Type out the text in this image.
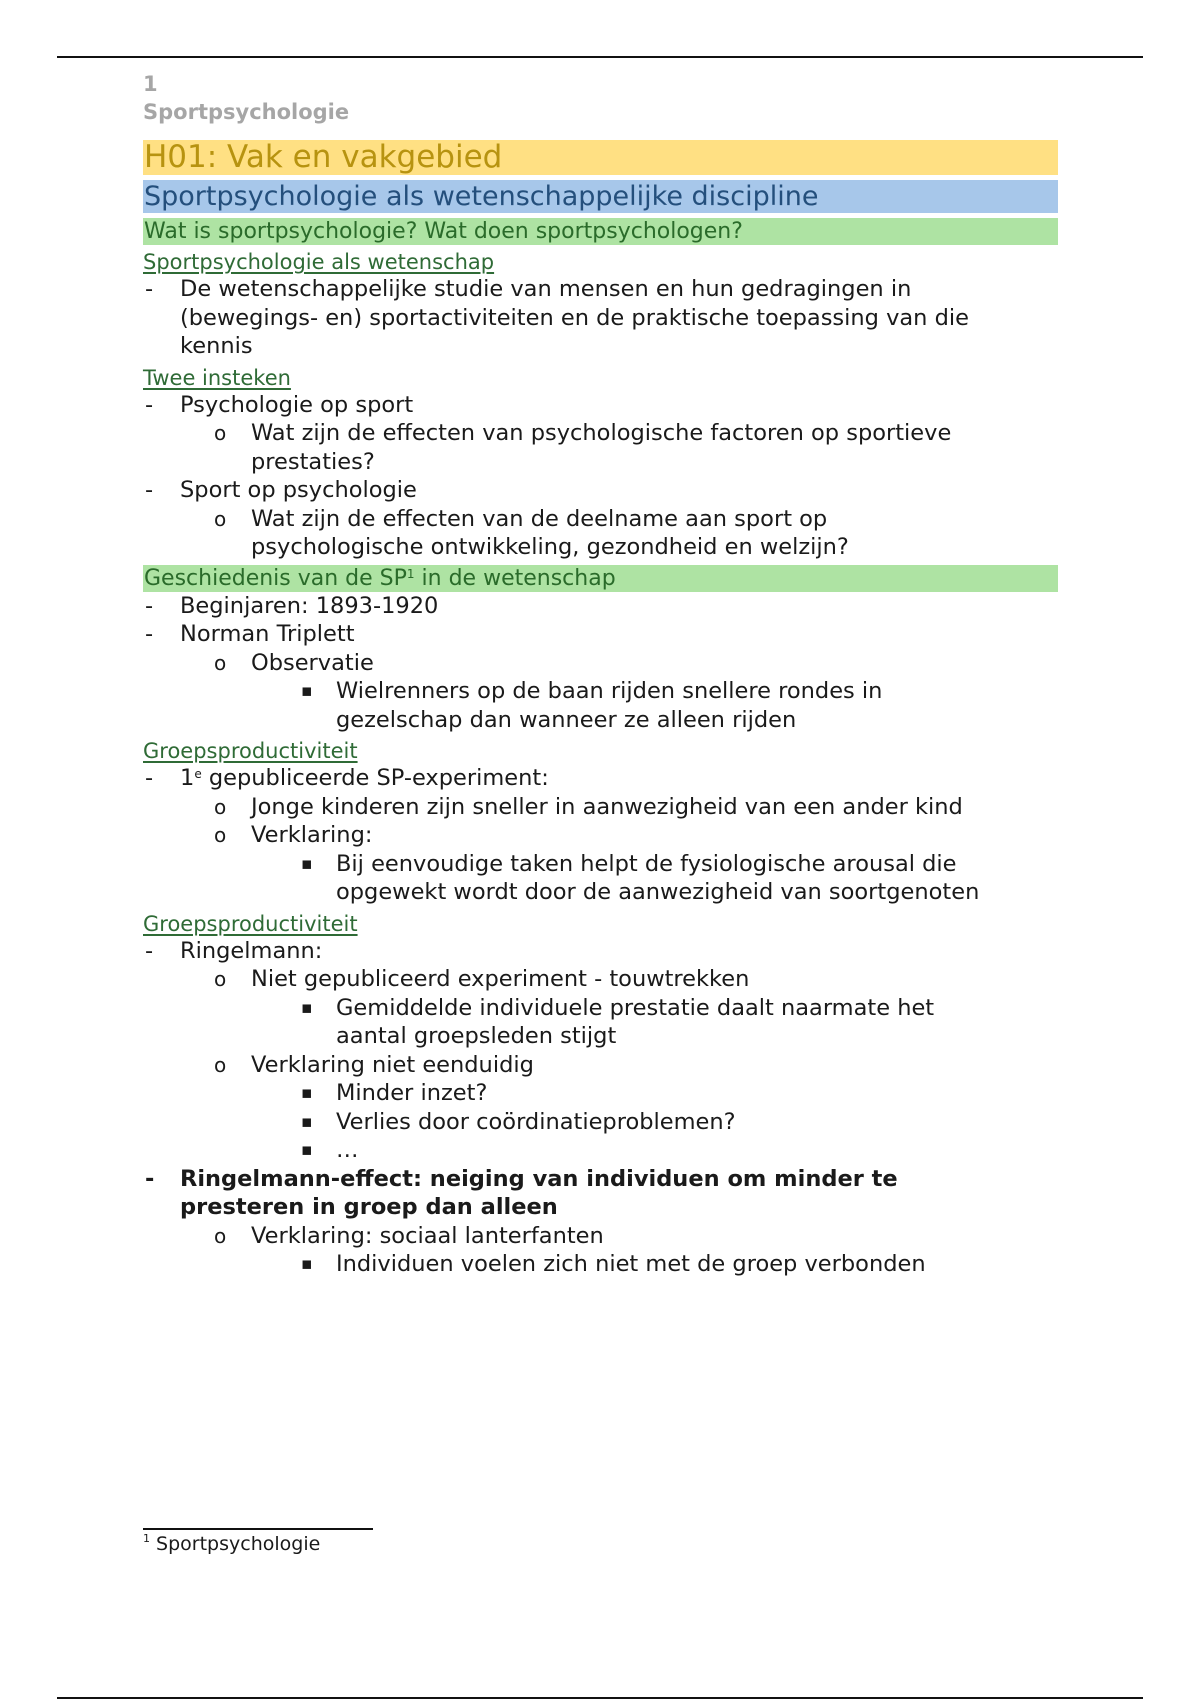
1
Sportpsychologie
H01: Vak en vakgebied
Sportpsychologie als wetenschappelijke discipline
Wat is sportpsychologie? Wat doen sportpsychologen?
Sportpsychologie als wetenschap
- De wetenschappelijke studie van mensen en hun gedragingen in
(bewegings- en) sportactiviteiten en de praktische toepassing van die
kennis
Twee insteken
- Psychologie op sport
o Wat zijn de effecten van psychologische factoren op sportieve
prestaties?
- Sport op psychologie
o Wat zijn de effecten van de deelname aan sport op
psychologische ontwikkeling, gezondheid en welzijn?
Geschiedenis van de $SP^1$ in de wetenschap
- Beginjaren: 1893-1920
- Norman Triplett
o Observatie
▪ Wielrenners op de baan rijden snellere rondes in
gezelschap dan wanneer ze alleen rijden
Groepsproductiviteit
- 1e gepubliceerde SP-experiment:
o Jonge kinderen zijn sneller in aanwezigheid van een ander kind
o Verklaring:
▪ Bij eenvoudige taken helpt de fysiologische arousal die
opgewekt wordt door de aanwezigheid van soortgenoten
Groepsproductiviteit
- Ringelmann:
o Niet gepubliceerd experiment - touwtrekken
▪ Gemiddelde individuele prestatie daalt naarmate het
aantal groepsleden stijgt
o Verklaring niet eenduidig
▪ Minder inzet?
▪ Verlies door coördinatieproblemen?
▪ …
- Ringelmann-effect: neiging van individuen om minder te
presteren in groep dan alleen
o Verklaring: sociaal lanterfanten
▪ Individuen voelen zich niet met de groep verbonden
$^1$ Sportpsychologie
